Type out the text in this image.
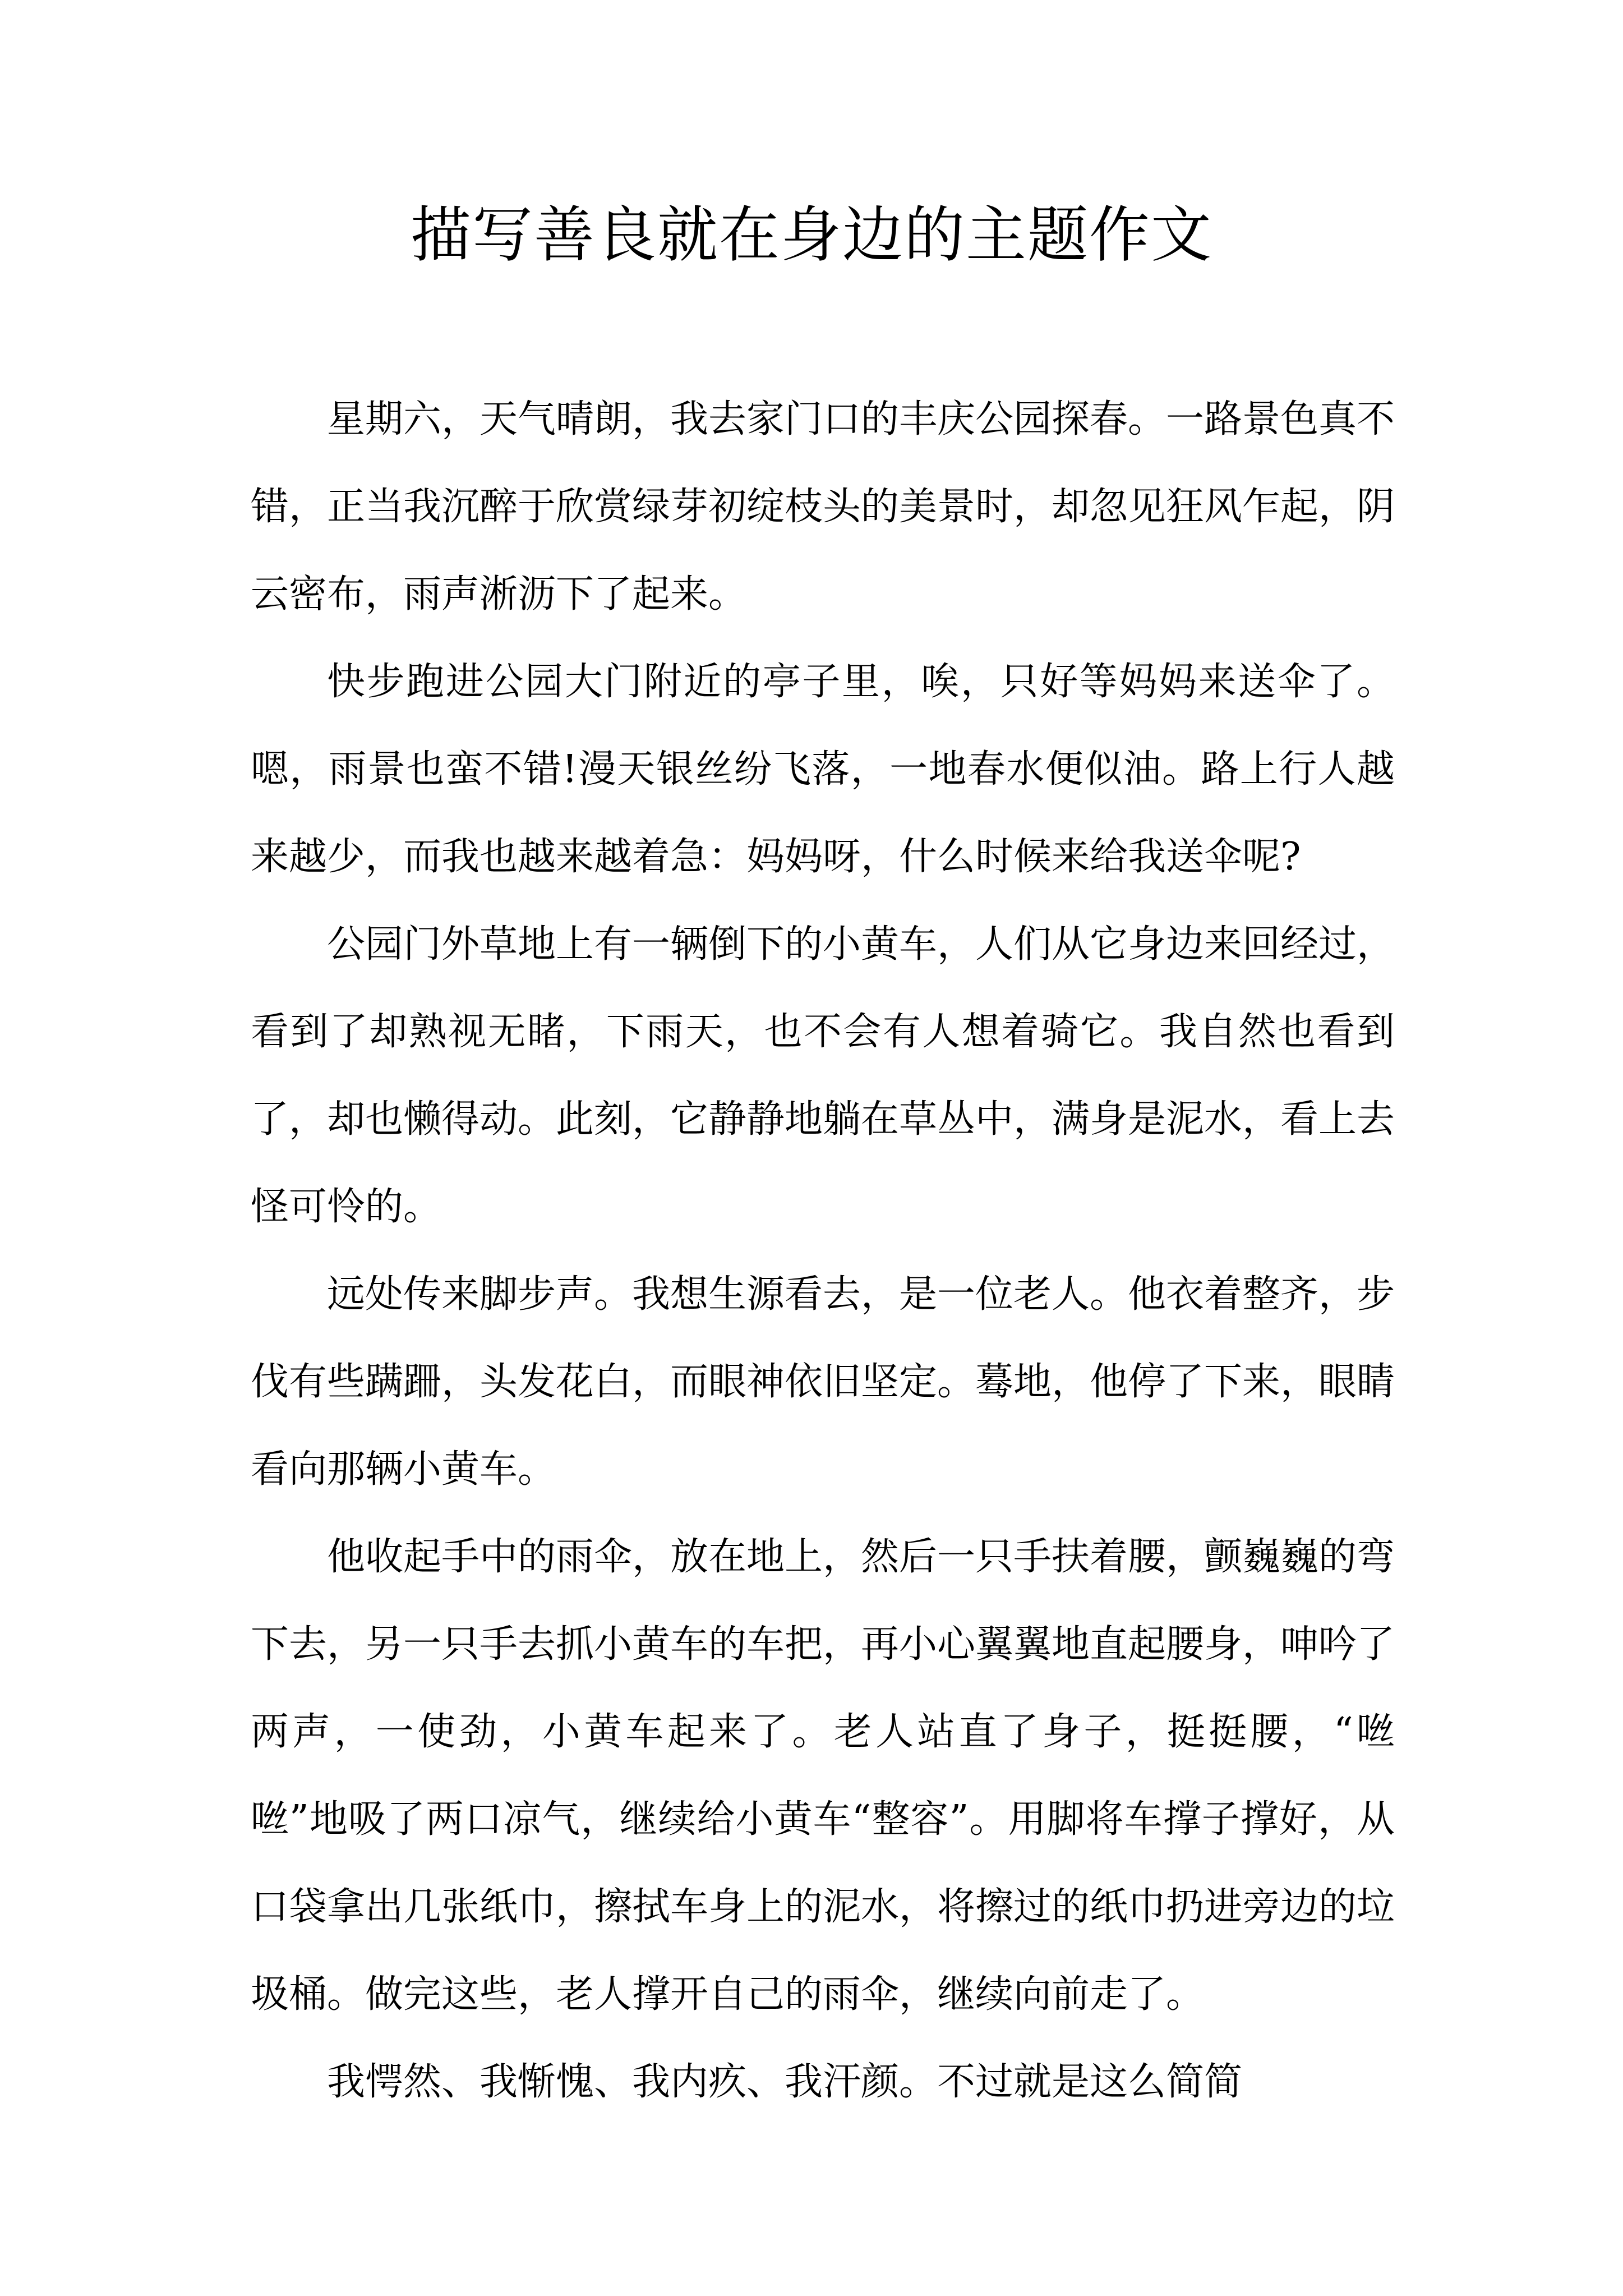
描写善良就在身边的主题作文

星期六，天气晴朗，我去家门口的丰庆公园探春。一路景色真不错，正当我沉醉于欣赏绿芽初绽枝头的美景时，却忽见狂风乍起，阴云密布，雨声淅沥下了起来。

快步跑进公园大门附近的亭子里，唉，只好等妈妈来送伞了。嗯，雨景也蛮不错!漫天银丝纷飞落，一地春水便似油。路上行人越来越少，而我也越来越着急：妈妈呀，什么时候来给我送伞呢?

公园门外草地上有一辆倒下的小黄车，人们从它身边来回经过，看到了却熟视无睹，下雨天，也不会有人想着骑它。我自然也看到了，却也懒得动。此刻，它静静地躺在草丛中，满身是泥水，看上去怪可怜的。

远处传来脚步声。我想生源看去，是一位老人。他衣着整齐，步伐有些蹒跚，头发花白，而眼神依旧坚定。蓦地，他停了下来，眼睛看向那辆小黄车。

他收起手中的雨伞，放在地上，然后一只手扶着腰，颤巍巍的弯下去，另一只手去抓小黄车的车把，再小心翼翼地直起腰身，呻吟了两声，一使劲，小黄车起来了。老人站直了身子，挺挺腰，“咝咝”地吸了两口凉气，继续给小黄车“整容”。用脚将车撑子撑好，从口袋拿出几张纸巾，擦拭车身上的泥水，将擦过的纸巾扔进旁边的垃圾桶。做完这些，老人撑开自己的雨伞，继续向前走了。

我愕然、我惭愧、我内疚、我汗颜。不过就是这么简简
